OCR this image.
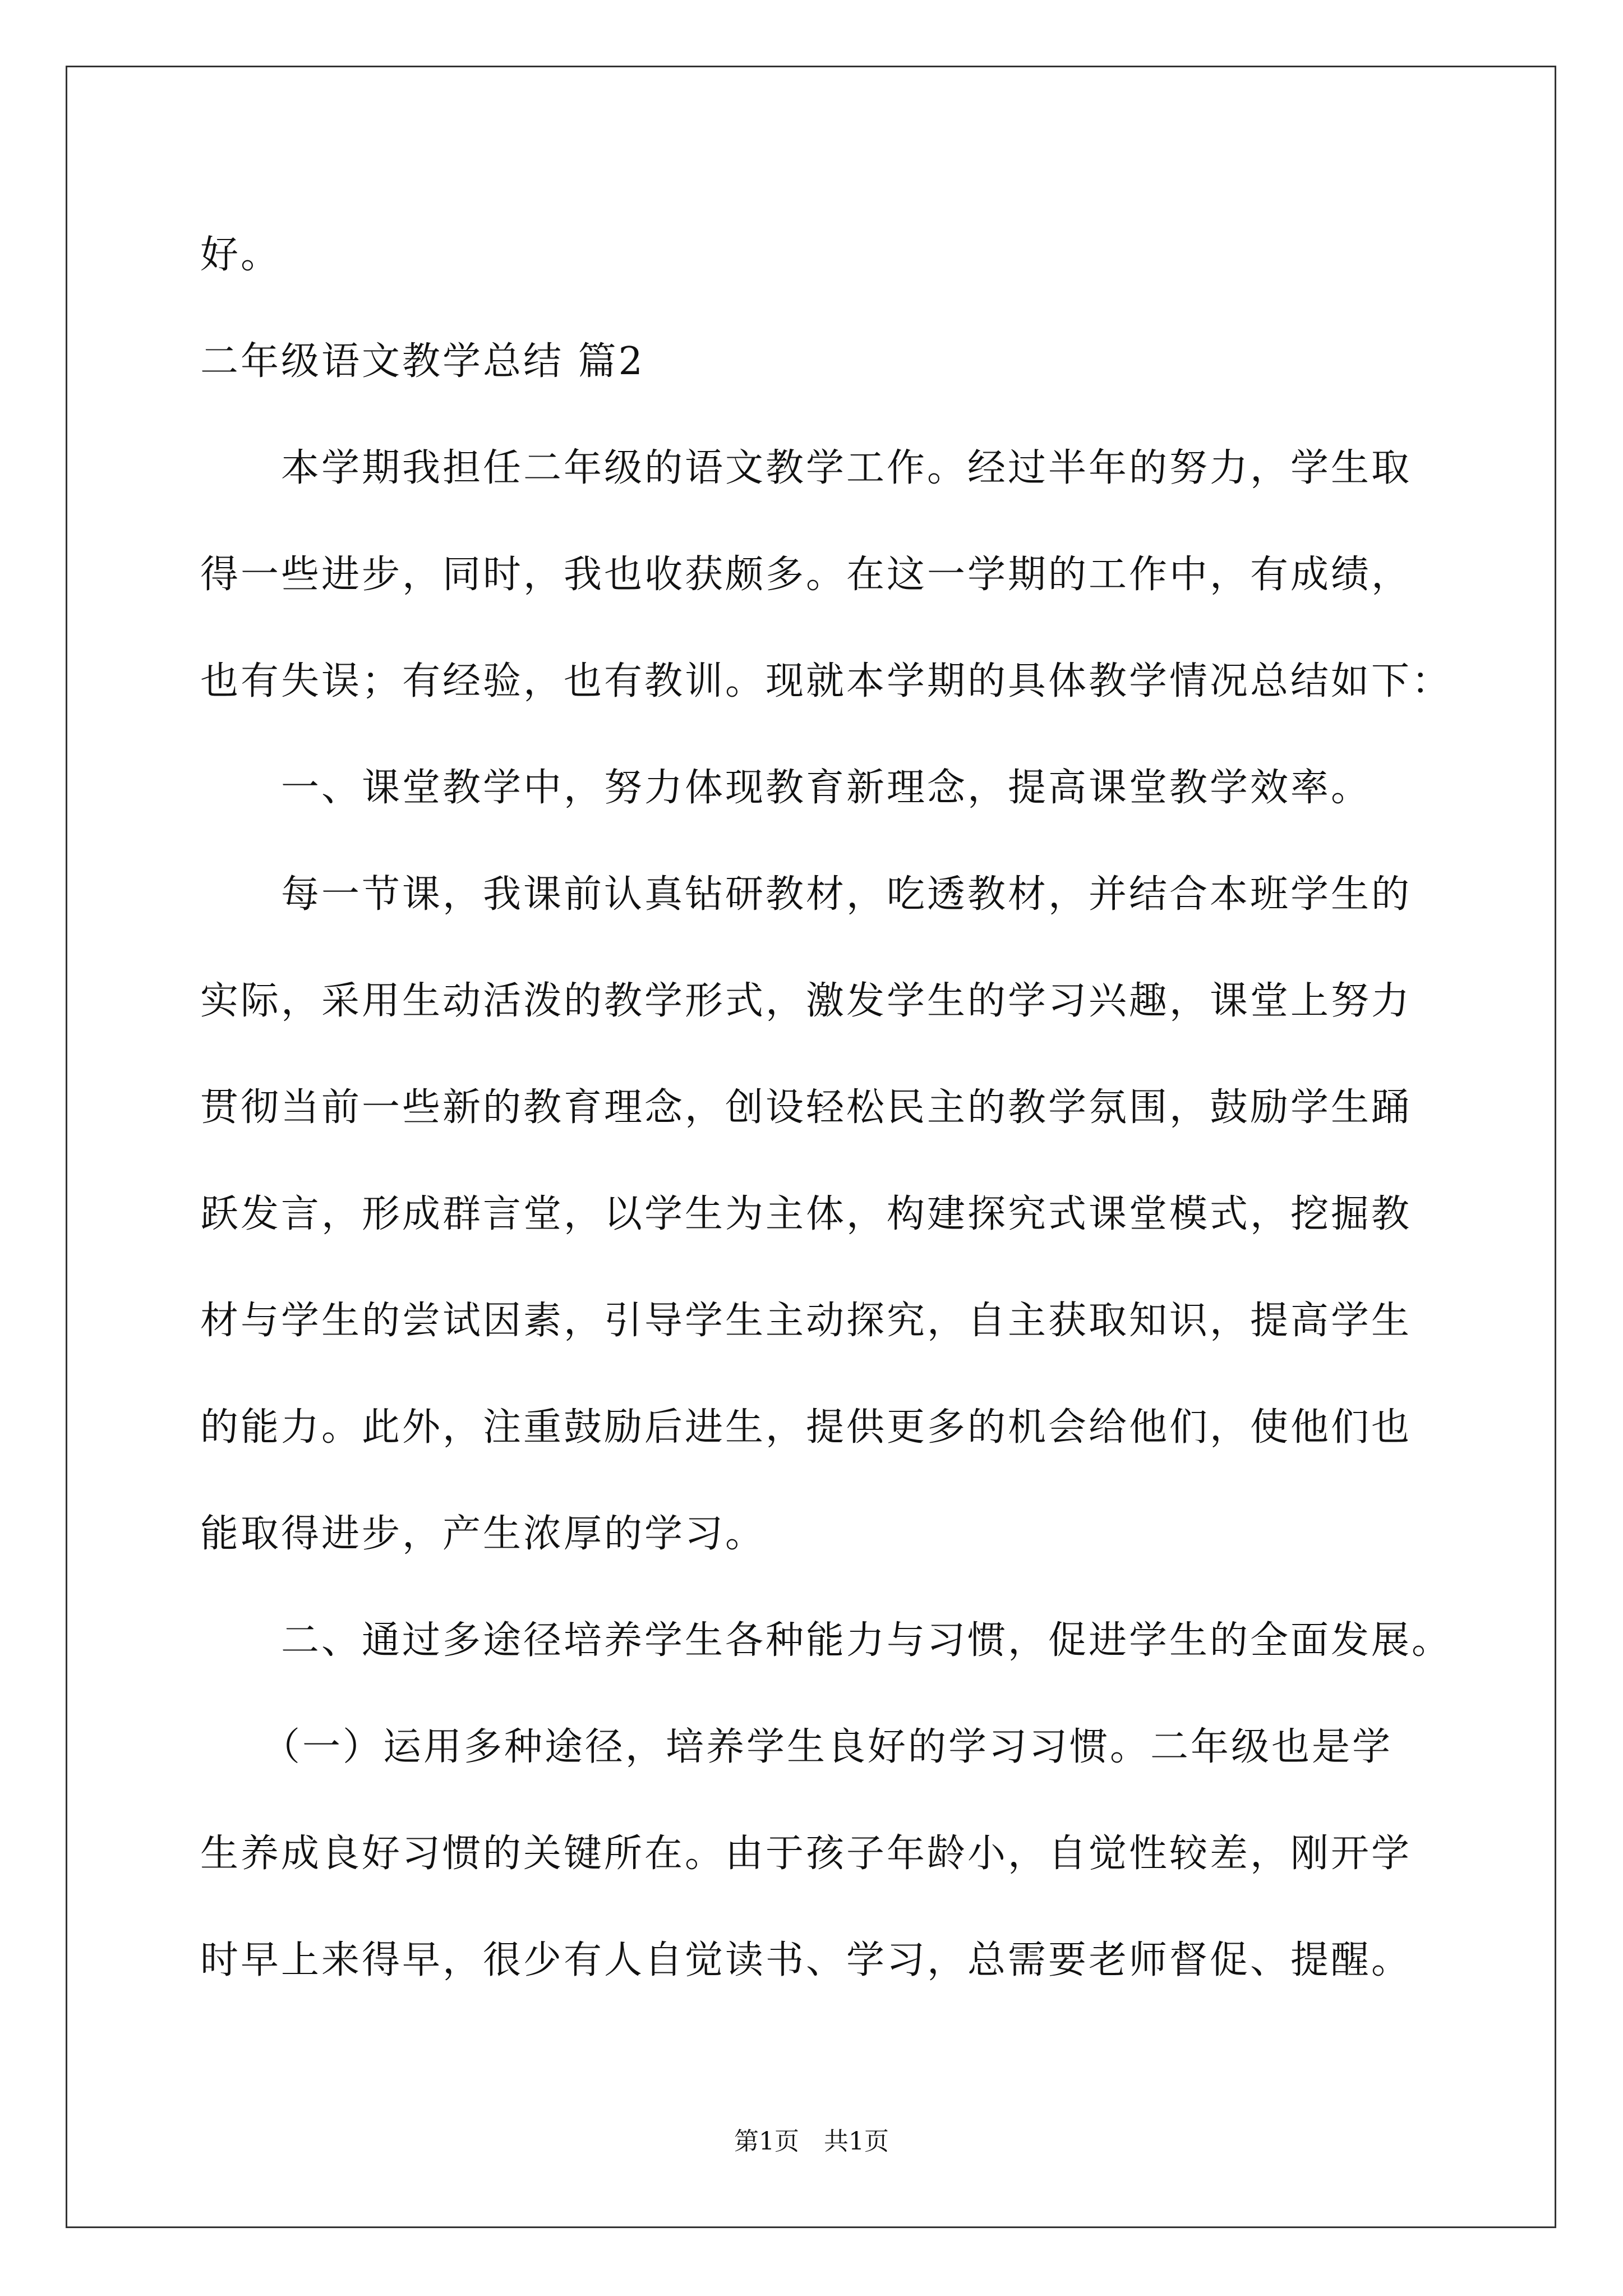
好。
二年级语文教学总结 篇2
　　本学期我担任二年级的语文教学工作。经过半年的努力，学生取
得一些进步，同时，我也收获颇多。在这一学期的工作中，有成绩，
也有失误；有经验，也有教训。现就本学期的具体教学情况总结如下：
　　一、课堂教学中，努力体现教育新理念，提高课堂教学效率。
　　每一节课，我课前认真钻研教材，吃透教材，并结合本班学生的
实际，采用生动活泼的教学形式，激发学生的学习兴趣，课堂上努力
贯彻当前一些新的教育理念，创设轻松民主的教学氛围，鼓励学生踊
跃发言，形成群言堂，以学生为主体，构建探究式课堂模式，挖掘教
材与学生的尝试因素，引导学生主动探究，自主获取知识，提高学生
的能力。此外，注重鼓励后进生，提供更多的机会给他们，使他们也
能取得进步，产生浓厚的学习。
　　二、通过多途径培养学生各种能力与习惯，促进学生的全面发展。
　　（一）运用多种途径，培养学生良好的学习习惯。二年级也是学
生养成良好习惯的关键所在。由于孩子年龄小，自觉性较差，刚开学
时早上来得早，很少有人自觉读书、学习，总需要老师督促、提醒。
第1页　共1页
